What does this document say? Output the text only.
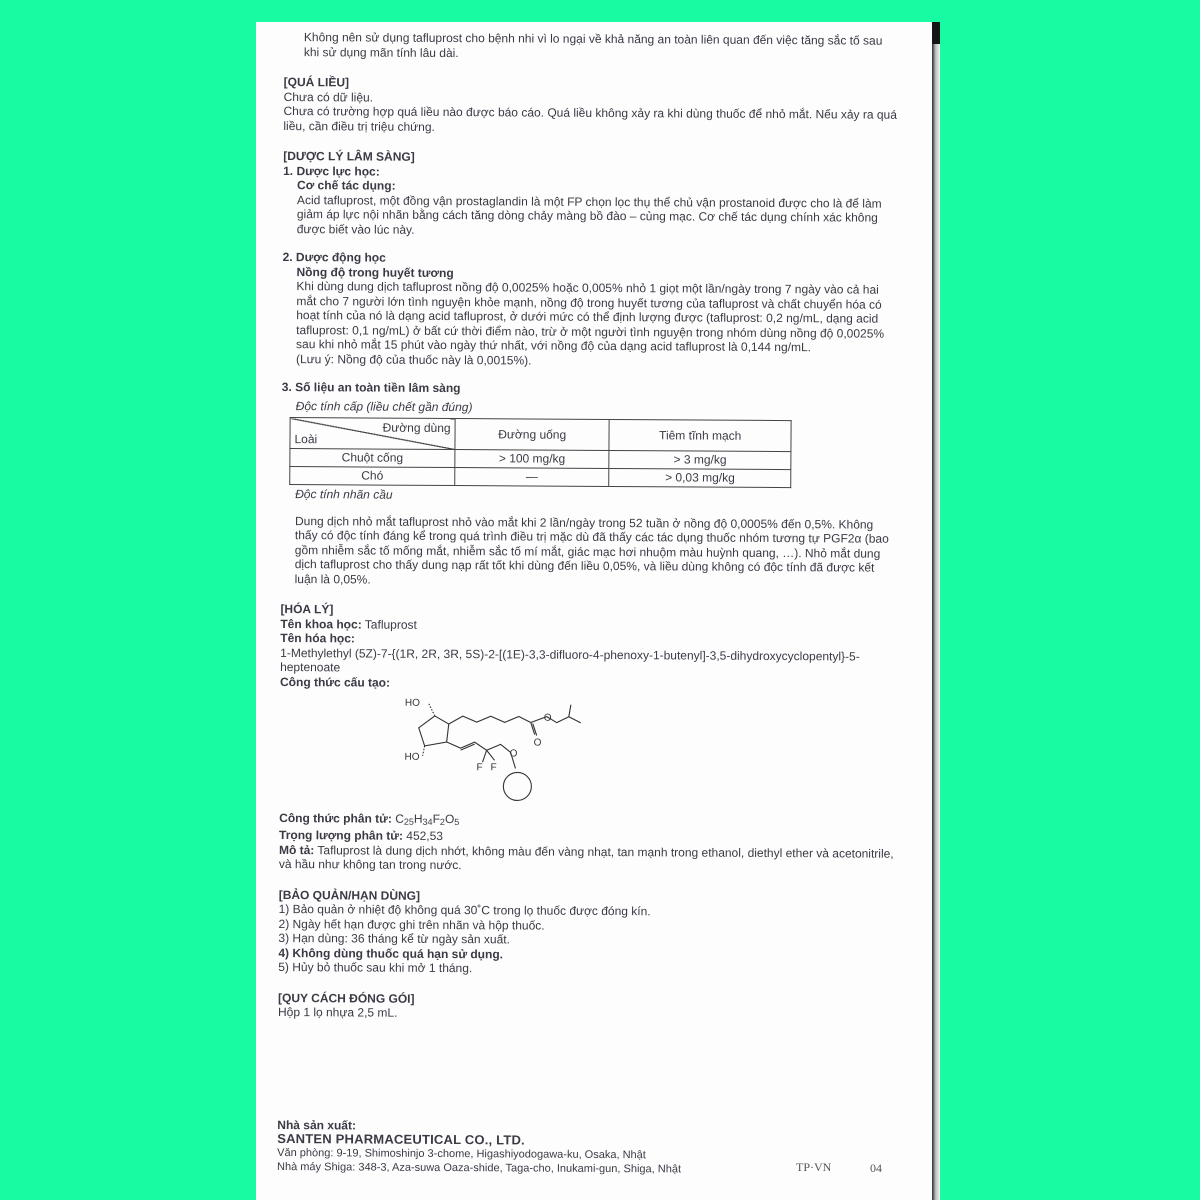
Không nên sử dụng tafluprost cho bệnh nhi vì lo ngại về khả năng an toàn liên quan đến việc tăng sắc tố sau

khi sử dụng mãn tính lâu dài.

[QUÁ LIỀU]

Chưa có dữ liệu.

Chưa có trường hợp quá liều nào được báo cáo. Quá liều không xảy ra khi dùng thuốc để nhỏ mắt. Nếu xảy ra quá liều, cần điều trị triệu chứng.

[DƯỢC LÝ LÂM SÀNG]

1. Dược lực học:

Cơ chế tác dụng:

Acid tafluprost, một đồng vận prostaglandin là một FP chọn lọc thụ thể chủ vận prostanoid được cho là để làm giảm áp lực nội nhãn bằng cách tăng dòng chảy màng bồ đào – củng mạc. Cơ chế tác dụng chính xác không được biết vào lúc này.

2. Dược động học

Nồng độ trong huyết tương

Khi dùng dung dịch tafluprost nồng độ 0,0025% hoặc 0,005% nhỏ 1 giọt một lần/ngày trong 7 ngày vào cả hai mắt cho 7 người lớn tình nguyện khỏe mạnh, nồng độ trong huyết tương của tafluprost và chất chuyển hóa có hoạt tính của nó là dạng acid tafluprost, ở dưới mức có thể định lượng được (tafluprost: 0,2 ng/mL, dạng acid tafluprost: 0,1 ng/mL) ở bất cứ thời điểm nào, trừ ở một người tình nguyện trong nhóm dùng nồng độ 0,0025% sau khi nhỏ mắt 15 phút vào ngày thứ nhất, với nồng độ của dạng acid tafluprost là 0,144 ng/mL.

(Lưu ý: Nồng độ của thuốc này là 0,0015%).

3. Số liệu an toàn tiền lâm sàng

Độc tính cấp (liều chết gần đúng)

Đường dùng
Loài	Đường uống	Tiêm tĩnh mạch
Chuột cống	> 100 mg/kg	> 3 mg/kg
Chó	—	> 0,03 mg/kg

Độc tính nhãn cầu

Dung dịch nhỏ mắt tafluprost nhỏ vào mắt khi 2 lần/ngày trong 52 tuần ở nồng độ 0,0005% đến 0,5%. Không thấy có độc tính đáng kể trong quá trình điều trị mặc dù đã thấy các tác dụng thuốc nhóm tương tự PGF2α (bao gồm nhiễm sắc tố mống mắt, nhiễm sắc tố mí mắt, giác mạc hơi nhuộm màu huỳnh quang, …). Nhỏ mắt dung dịch tafluprost cho thấy dung nạp rất tốt khi dùng đến liều 0,05%, và liều dùng không có độc tính đã được kết luận là 0,05%.

[HÓA LÝ]

Tên khoa học: Tafluprost

Tên hóa học:

1-Methylethyl (5Z)-7-{(1R, 2R, 3R, 5S)-2-[(1E)-3,3-difluoro-4-phenoxy-1-butenyl]-3,5-dihydroxycyclopentyl}-5-heptenoate

Công thức cấu tạo:

HO
HO
O
O
F F
O

Công thức phân tử: $C_{25}H_{34}F_2O_5$

Trọng lượng phân tử: 452,53

Mô tả: Tafluprost là dung dịch nhớt, không màu đến vàng nhạt, tan mạnh trong ethanol, diethyl ether và acetonitrile, và hầu như không tan trong nước.

[BẢO QUẢN/HẠN DÙNG]

1) Bảo quản ở nhiệt độ không quá 30˚C trong lọ thuốc được đóng kín.

2) Ngày hết hạn được ghi trên nhãn và hộp thuốc.

3) Hạn dùng: 36 tháng kể từ ngày sản xuất.

4) Không dùng thuốc quá hạn sử dụng.

5) Hủy bỏ thuốc sau khi mở 1 tháng.

[QUY CÁCH ĐÓNG GÓI]

Hộp 1 lọ nhựa 2,5 mL.

Nhà sản xuất:

SANTEN PHARMACEUTICAL CO., LTD.

Văn phòng: 9-19, Shimoshinjo 3-chome, Higashiyodogawa-ku, Osaka, Nhật

Nhà máy Shiga: 348-3, Aza-suwa Oaza-shide, Taga-cho, Inukami-gun, Shiga, Nhật	TP·VN	04
